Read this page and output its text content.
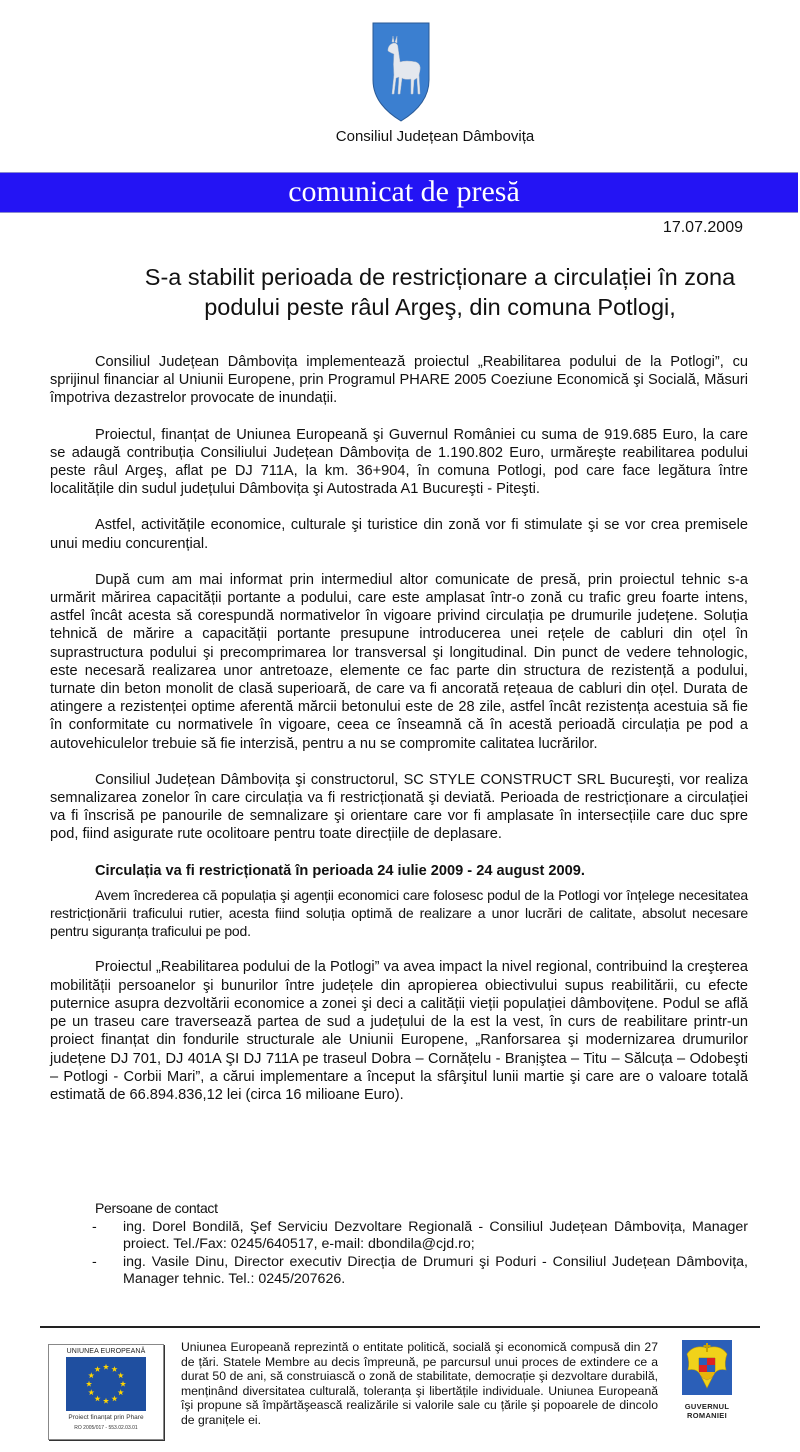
Consiliul Județean Dâmbovița
comunicat de presă
17.07.2009
S-a stabilit perioada de restricționare a circulației în zona
podului peste râul Argeş, din comuna Potlogi,

Consiliul Județean Dâmbovița implementează proiectul „Reabilitarea podului de la Potlogi”, cu sprijinul financiar al Uniunii Europene, prin Programul PHARE 2005 Coeziune Economică şi Socială, Măsuri împotriva dezastrelor provocate de inundații.

Proiectul, finanțat de Uniunea Europeană şi Guvernul României cu suma de 919.685 Euro, la care se adaugă contribuția Consiliului Județean Dâmbovița de 1.190.802 Euro, urmăreşte reabilitarea podului peste râul Argeş, aflat pe DJ 711A, la km. 36+904, în comuna Potlogi, pod care face legătura între localitățile din sudul județului Dâmbovița şi Autostrada A1 Bucureşti - Piteşti.

Astfel, activitățile economice, culturale şi turistice din zonă vor fi stimulate şi se vor crea premisele unui mediu concurențial.

După cum am mai informat prin intermediul altor comunicate de presă, prin proiectul tehnic s-a urmărit mărirea capacității portante a podului, care este amplasat într-o zonă cu trafic greu foarte intens, astfel încât acesta să corespundă normativelor în vigoare privind circulația pe drumurile județene. Soluția tehnică de mărire a capacității portante presupune introducerea unei rețele de cabluri din oțel în suprastructura podului şi precomprimarea lor transversal şi longitudinal. Din punct de vedere tehnologic, este necesară realizarea unor antretoaze, elemente ce fac parte din structura de rezistență a podului, turnate din beton monolit de clasă superioară, de care va fi ancorată rețeaua de cabluri din oțel. Durata de atingere a rezistenței optime aferentă mărcii betonului este de 28 zile, astfel încât rezistența acestuia să fie în conformitate cu normativele în vigoare, ceea ce înseamnă că în acestă perioadă circulația pe pod a autovehiculelor trebuie să fie interzisă, pentru a nu se compromite calitatea lucrărilor.

Consiliul Județean Dâmbovița şi constructorul, SC STYLE CONSTRUCT SRL Bucureşti, vor realiza semnalizarea zonelor în care circulația va fi restricționată şi deviată. Perioada de restricționare a circulației va fi înscrisă pe panourile de semnalizare şi orientare care vor fi amplasate în intersecțiile care duc spre pod, fiind asigurate rute ocolitoare pentru toate direcțiile de deplasare.

Circulația va fi restricționată în perioada 24 iulie 2009 - 24 august 2009.

Avem încrederea că populația şi agenții economici care folosesc podul de la Potlogi vor înțelege necesitatea restricționării traficului rutier, acesta fiind soluția optimă de realizare a unor lucrări de calitate, absolut necesare pentru siguranța traficului pe pod.

Proiectul „Reabilitarea podului de la Potlogi” va avea impact la nivel regional, contribuind la creşterea mobilității persoanelor şi bunurilor între județele din apropierea obiectivului supus reabilitării, cu efecte puternice asupra dezvoltării economice a zonei şi deci a calității vieții populației dâmbovițene. Podul se află pe un traseu care traversează partea de sud a județului de la est la vest, în curs de reabilitare printr-un proiect finanțat din fondurile structurale ale Uniunii Europene, „Ranforsarea şi modernizarea drumurilor județene DJ 701, DJ 401A ŞI DJ 711A pe traseul Dobra – Cornățelu - Branịştea – Titu – Sălcuța – Odobeşti – Potlogi - Corbii Mari”, a cărui implementare a început la sfârşitul lunii martie şi care are o valoare totală estimată de 66.894.836,12 lei (circa 16 milioane Euro).

Persoane de contact
- ing. Dorel Bondilă, Şef Serviciu Dezvoltare Regională - Consiliul Județean Dâmbovița, Manager proiect. Tel./Fax: 0245/640517, e-mail: dbondila@cjd.ro;
- ing. Vasile Dinu, Director executiv Direcția de Drumuri şi Poduri - Consiliul Județean Dâmbovița, Manager tehnic. Tel.: 0245/207626.
UNIUNEA EUROPEANĂ
Proiect finanțat prin Phare
RO 2005/017 - 553.02.03.01
Uniunea Europeană reprezintă o entitate politică, socială şi economică compusă din 27 de țări. Statele Membre au decis împreună, pe parcursul unui proces de extindere ce a durat 50 de ani, să construiască o zonă de stabilitate, democrație şi dezvoltare durabilă, menținând diversitatea culturală, toleranța şi libertățile individuale. Uniunea Europeană îşi propune să împărtăşească realizările si valorile sale cu țările şi popoarele de dincolo de granițele ei.
GUVERNUL
ROMANIEI
